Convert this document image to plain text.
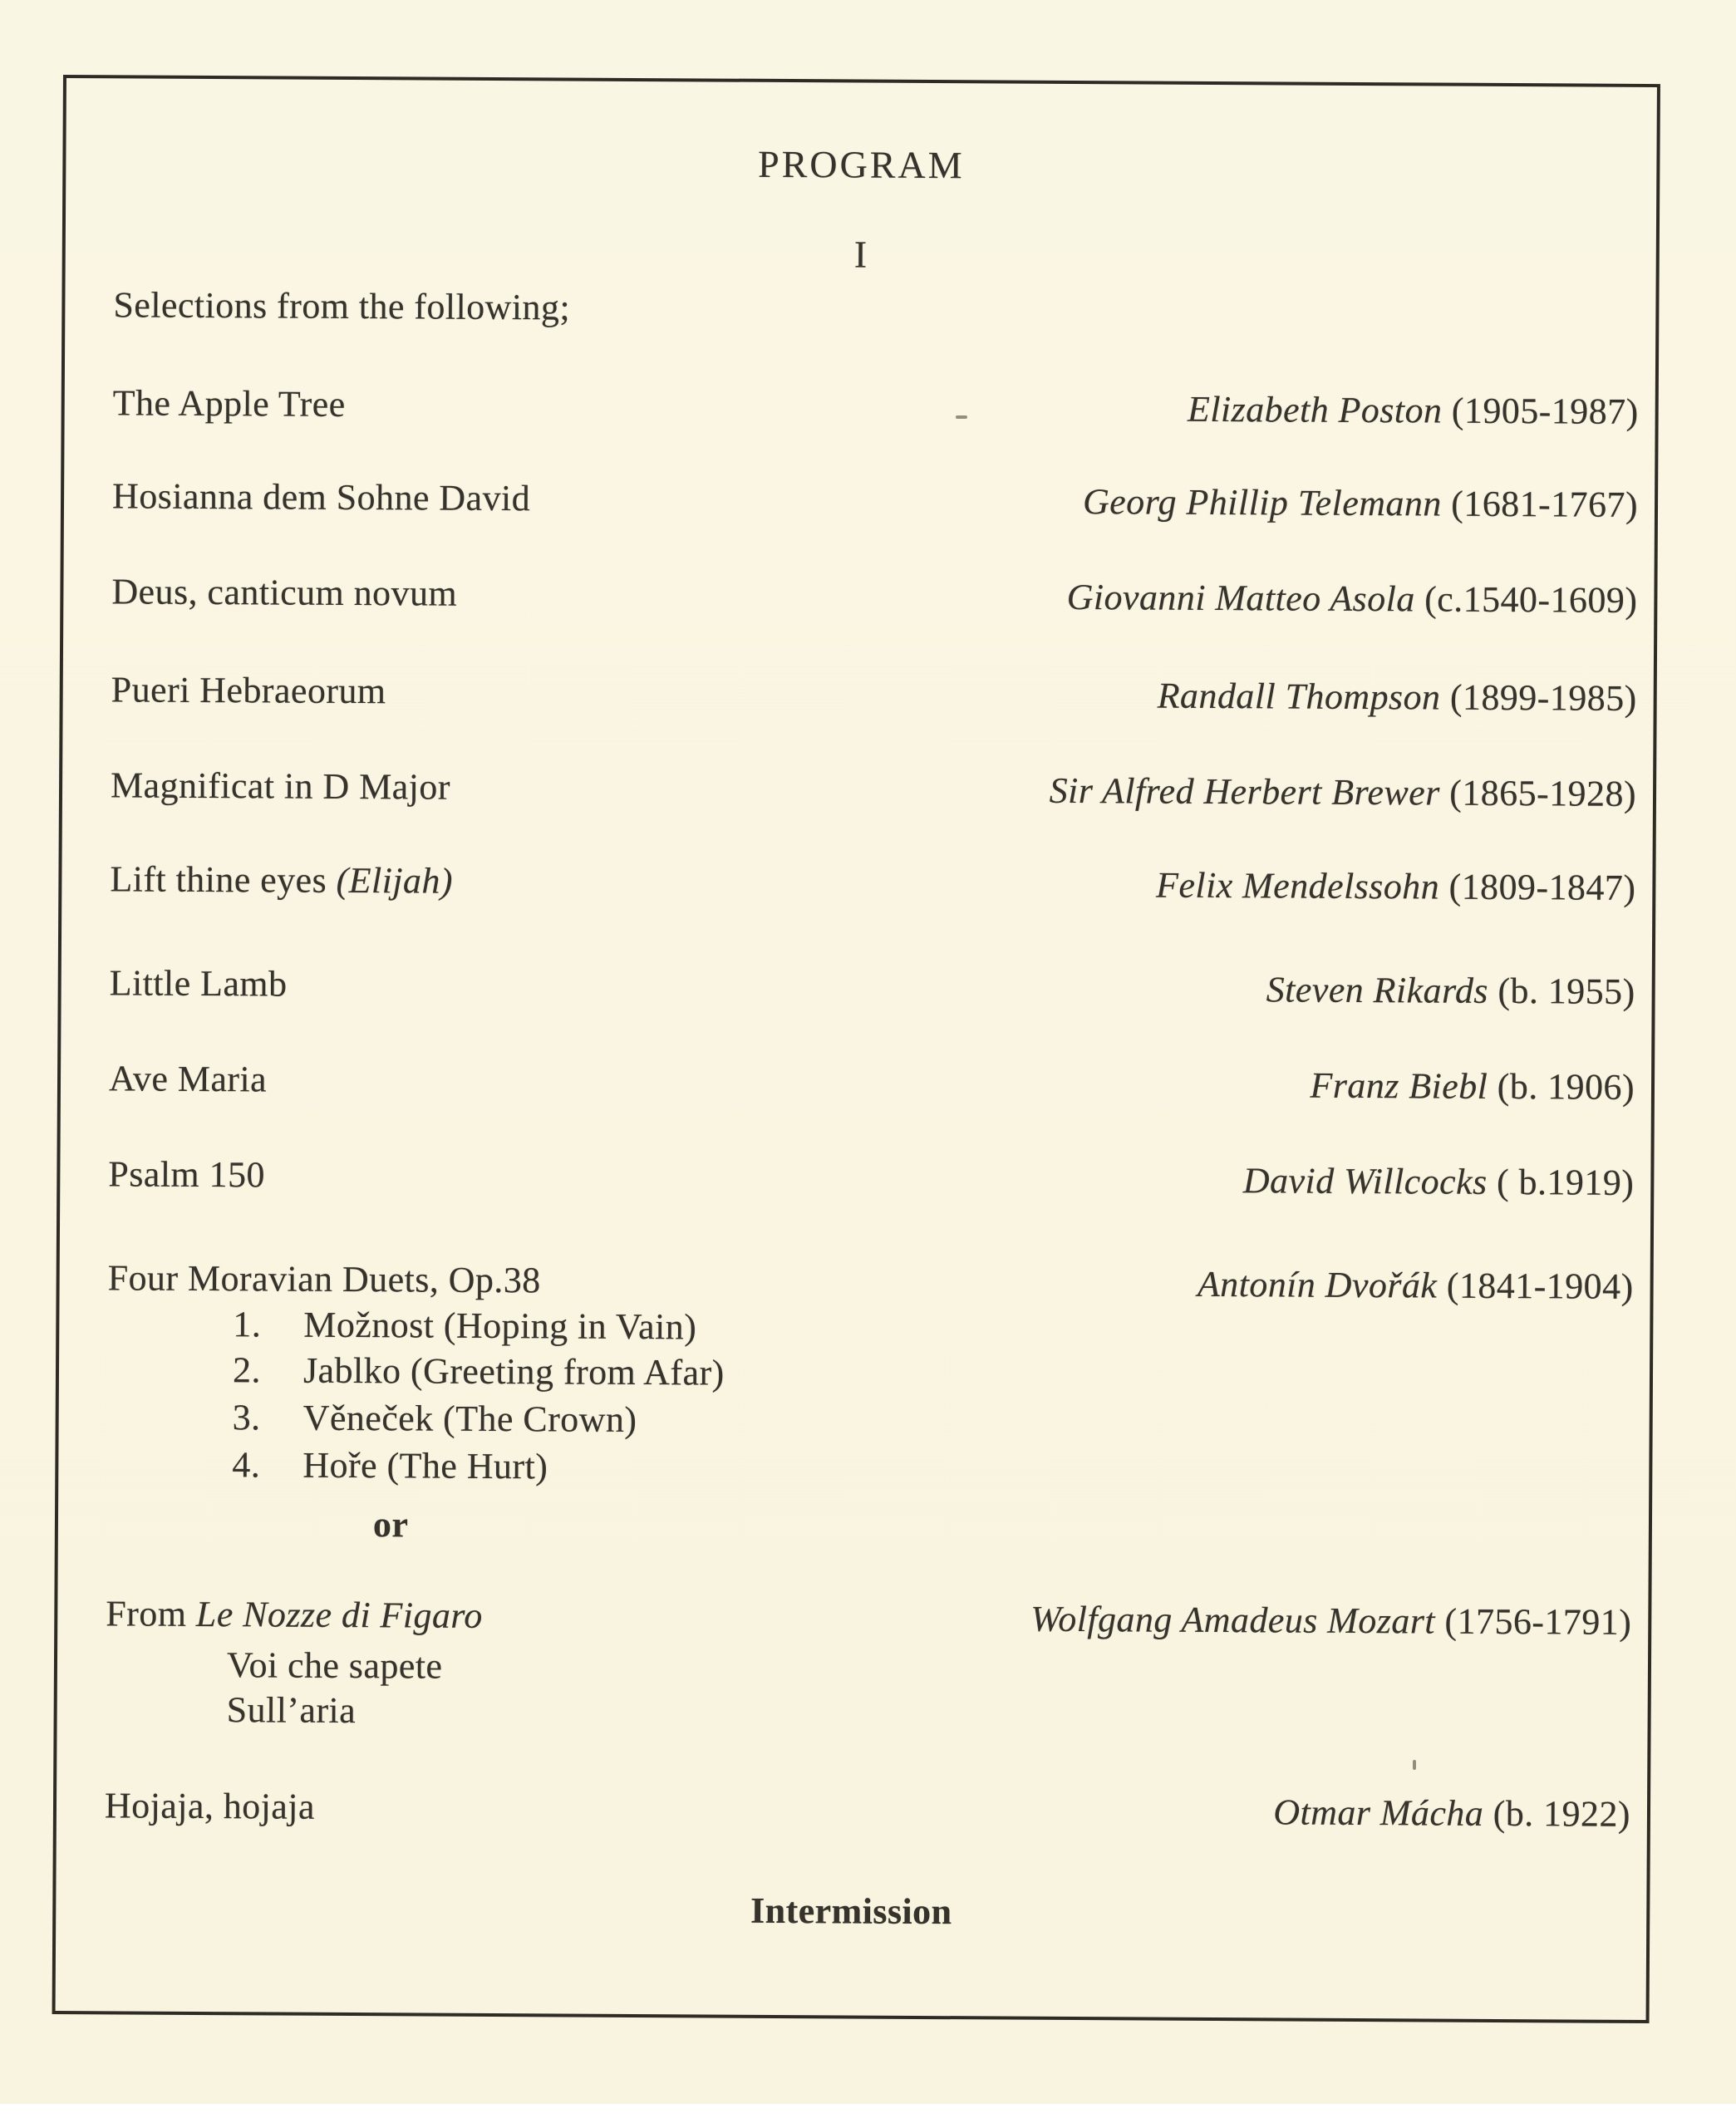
PROGRAM
I
Selections from the following;
The Apple Tree	Elizabeth Poston (1905-1987)
Hosianna dem Sohne David	Georg Phillip Telemann (1681-1767)
Deus, canticum novum	Giovanni Matteo Asola (c.1540-1609)
Pueri Hebraeorum	Randall Thompson (1899-1985)
Magnificat in D Major	Sir Alfred Herbert Brewer (1865-1928)
Lift thine eyes (Elijah)	Felix Mendelssohn (1809-1847)
Little Lamb	Steven Rikards (b. 1955)
Ave Maria	Franz Biebl (b. 1906)
Psalm 150	David Willcocks ( b.1919)
Four Moravian Duets, Op.38	Antonín Dvořák (1841-1904)
1. Možnost (Hoping in Vain)
2. Jablko (Greeting from Afar)
3. Věneček (The Crown)
4. Hoře (The Hurt)
or
From Le Nozze di Figaro	Wolfgang Amadeus Mozart (1756-1791)
Voi che sapete
Sull’aria
Hojaja, hojaja	Otmar Mácha (b. 1922)
Intermission
